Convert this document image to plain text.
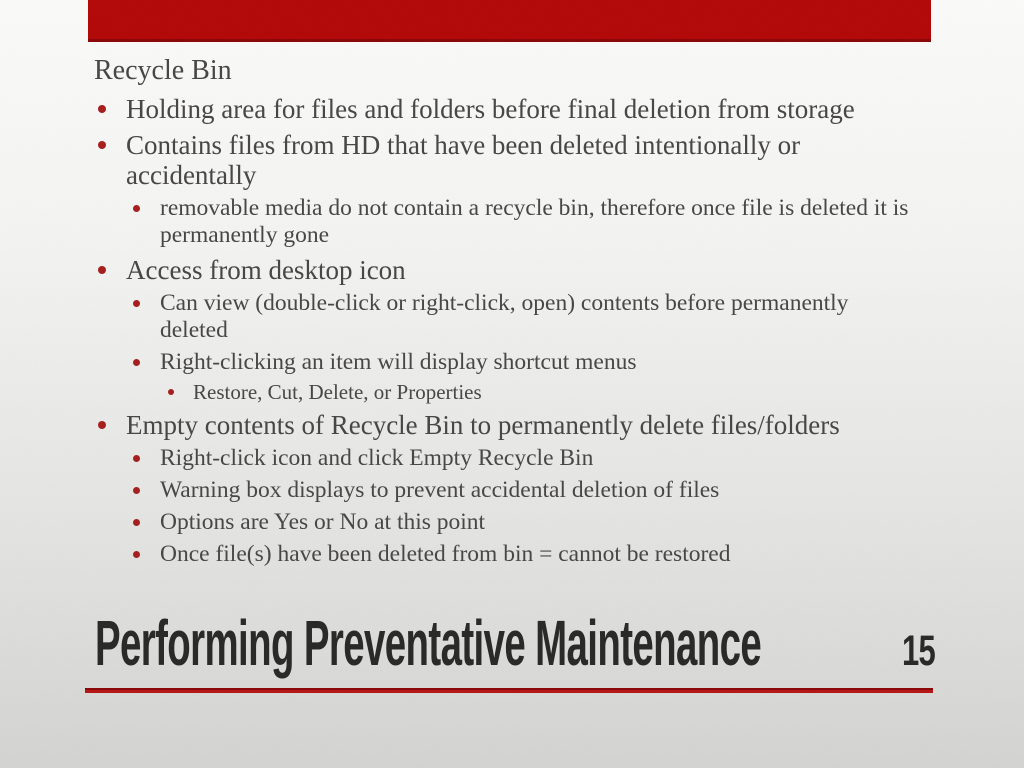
Recycle Bin

Holding area for files and folders before final deletion from storage
Contains files from HD that have been deleted intentionally or accidentally
removable media do not contain a recycle bin, therefore once file is deleted it is permanently gone
Access from desktop icon
Can view (double-click or right-click, open) contents before permanently deleted
Right-clicking an item will display shortcut menus
Restore, Cut, Delete, or Properties
Empty contents of Recycle Bin to permanently delete files/folders
Right-click icon and click Empty Recycle Bin
Warning box displays to prevent accidental deletion of files
Options are Yes or No at this point
Once file(s) have been deleted from bin = cannot be restored
Performing Preventative Maintenance	15
